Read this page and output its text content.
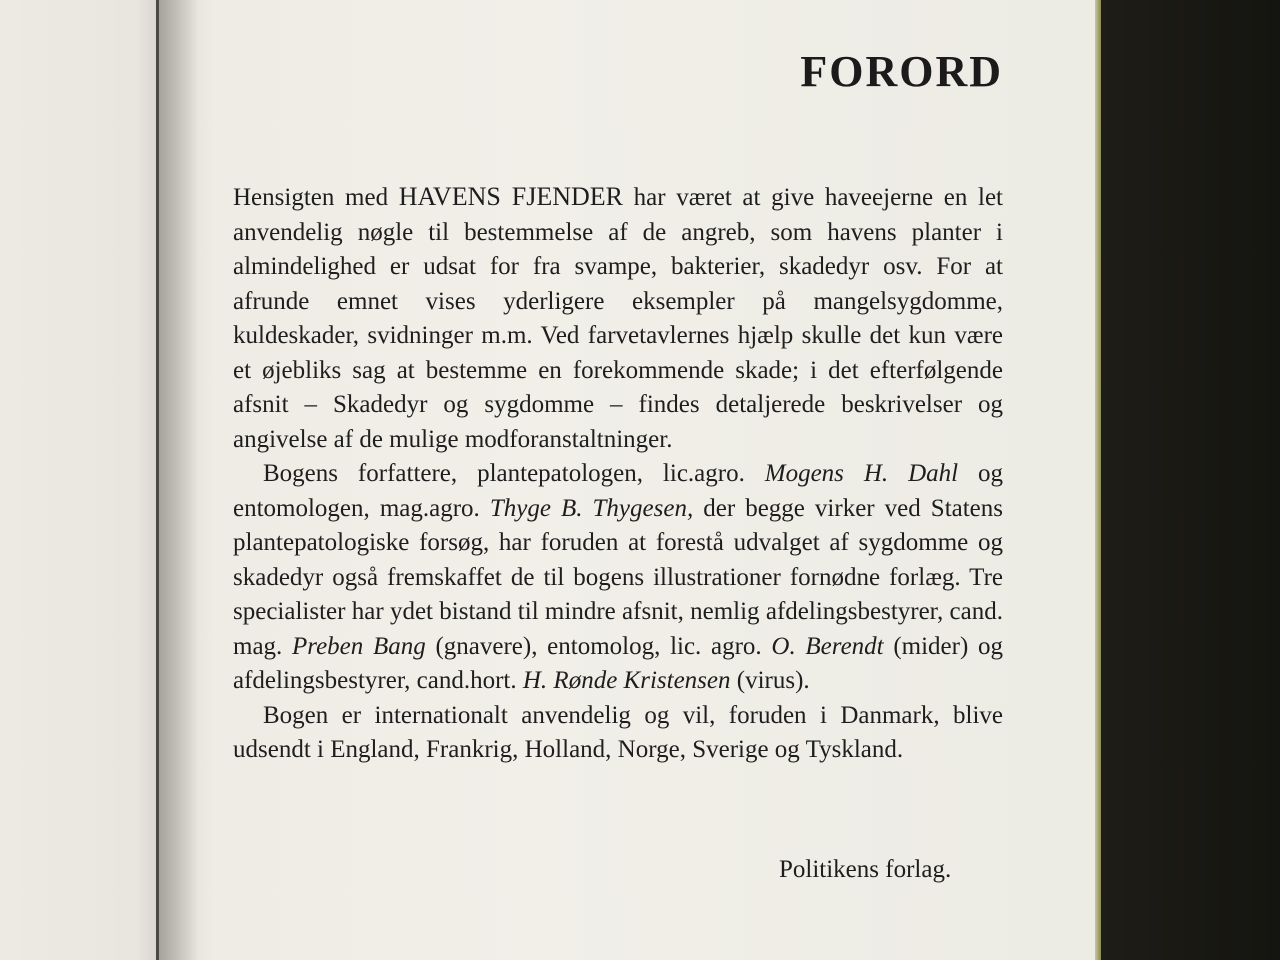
FORORD

Hensigten med HAVENS FJENDER har været at give haveejerne en let anvendelig nøgle til bestemmelse af de angreb, som havens planter i almindelighed er udsat for fra svampe, bakterier, skadedyr osv. For at afrunde emnet vises yderligere eksempler på mangelsygdomme, kuldeskader, svidninger m.m. Ved farvetavlernes hjælp skulle det kun være et øjebliks sag at bestemme en forekommende skade; i det efterfølgende afsnit – Skadedyr og sygdomme – findes detaljerede beskrivelser og angivelse af de mulige modforanstaltninger.

Bogens forfattere, plantepatologen, lic.agro. Mogens H. Dahl og entomologen, mag.agro. Thyge B. Thygesen, der begge virker ved Statens plantepatologiske forsøg, har foruden at forestå udvalget af sygdomme og skadedyr også fremskaffet de til bogens illustrationer fornødne forlæg. Tre specialister har ydet bistand til mindre afsnit, nemlig afdelingsbestyrer, cand. mag. Preben Bang (gnavere), entomolog, lic. agro. O. Berendt (mider) og afdelingsbestyrer, cand.hort. H. Rønde Kristensen (virus).

Bogen er internationalt anvendelig og vil, foruden i Danmark, blive udsendt i England, Frankrig, Holland, Norge, Sverige og Tyskland.

Politikens forlag.
